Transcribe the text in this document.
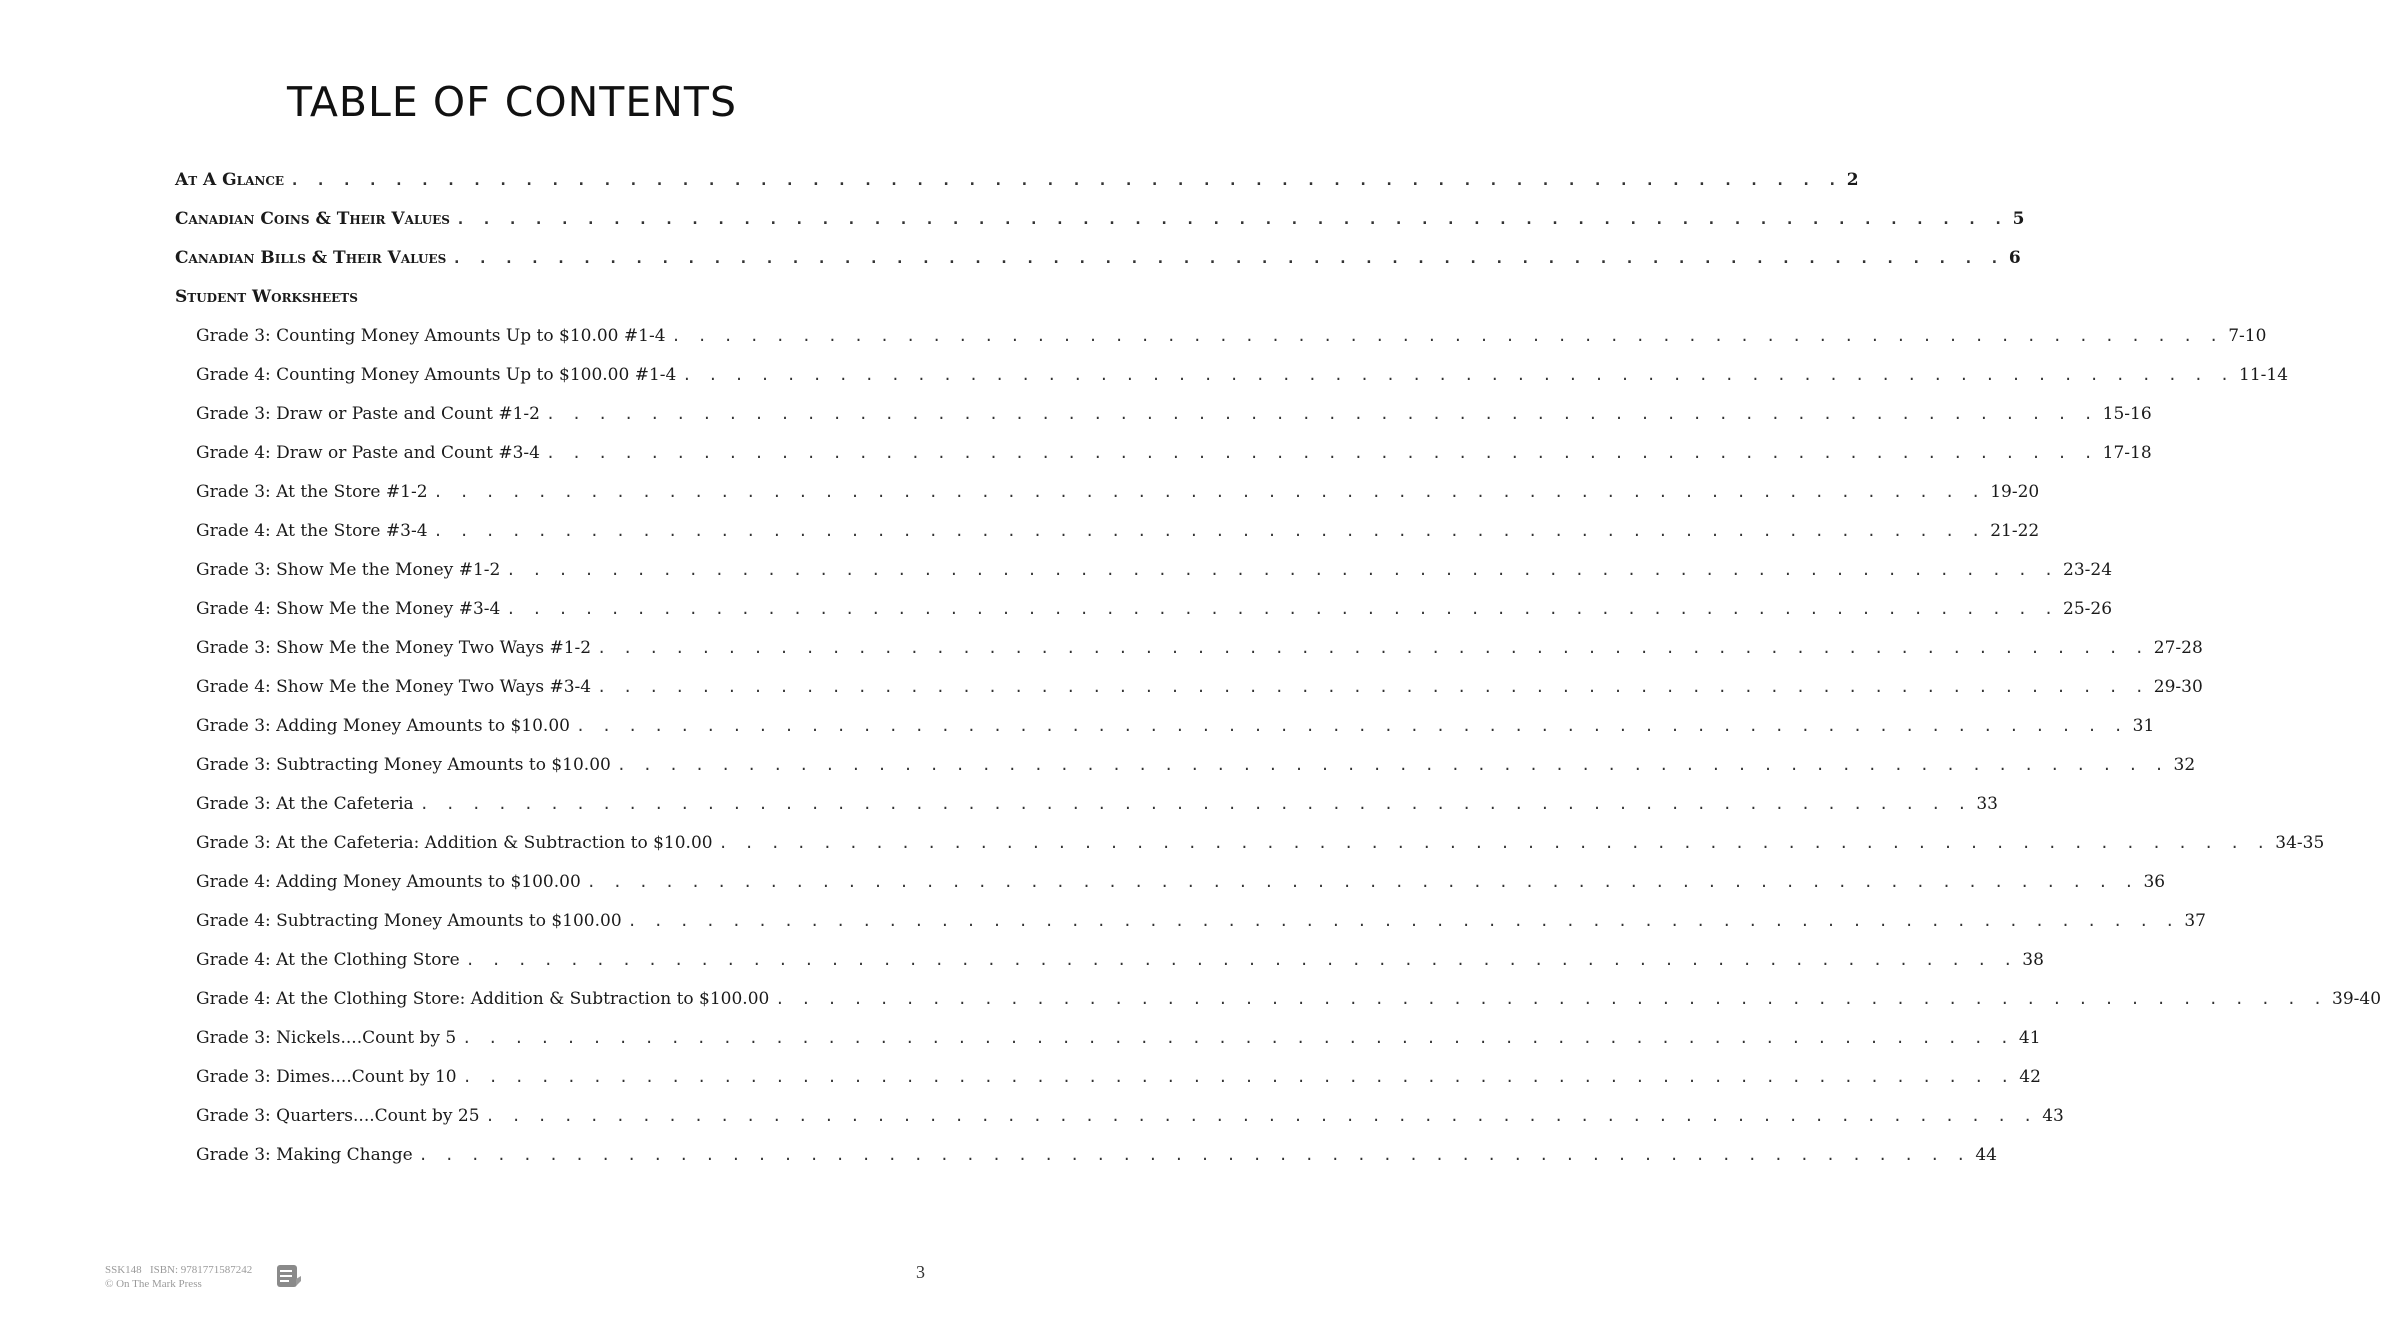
TABLE OF CONTENTS
At A Glance . . . . . . . . . . . . . . . . . . . . . . . . . . . . . . . . . . . . . . . . . . . . . . . . . . . . . . . . . . . . 2
Canadian Coins & Their Values . . . . . . . . . . . . . . . . . . . . . . . . . . . . . . . . . . . . . . . . . . . . . . . . . . . . . . . . . . . . 5
Canadian Bills & Their Values . . . . . . . . . . . . . . . . . . . . . . . . . . . . . . . . . . . . . . . . . . . . . . . . . . . . . . . . . . . . 6
Student Worksheets
Grade 3: Counting Money Amounts Up to $10.00 #1-4 . . . . . . . . . . . . . . . . . . . . . . . . . . . . . . . . . . . . . . . . . . . . . . . . . . . . . . . . . . . . 7-10
Grade 4: Counting Money Amounts Up to $100.00 #1-4 . . . . . . . . . . . . . . . . . . . . . . . . . . . . . . . . . . . . . . . . . . . . . . . . . . . . . . . . . . . . 11-14
Grade 3: Draw or Paste and Count #1-2 . . . . . . . . . . . . . . . . . . . . . . . . . . . . . . . . . . . . . . . . . . . . . . . . . . . . . . . . . . . . 15-16
Grade 4: Draw or Paste and Count #3-4 . . . . . . . . . . . . . . . . . . . . . . . . . . . . . . . . . . . . . . . . . . . . . . . . . . . . . . . . . . . . 17-18
Grade 3: At the Store #1-2 . . . . . . . . . . . . . . . . . . . . . . . . . . . . . . . . . . . . . . . . . . . . . . . . . . . . . . . . . . . . 19-20
Grade 4: At the Store #3-4 . . . . . . . . . . . . . . . . . . . . . . . . . . . . . . . . . . . . . . . . . . . . . . . . . . . . . . . . . . . . 21-22
Grade 3: Show Me the Money #1-2 . . . . . . . . . . . . . . . . . . . . . . . . . . . . . . . . . . . . . . . . . . . . . . . . . . . . . . . . . . . . 23-24
Grade 4: Show Me the Money #3-4 . . . . . . . . . . . . . . . . . . . . . . . . . . . . . . . . . . . . . . . . . . . . . . . . . . . . . . . . . . . . 25-26
Grade 3: Show Me the Money Two Ways #1-2 . . . . . . . . . . . . . . . . . . . . . . . . . . . . . . . . . . . . . . . . . . . . . . . . . . . . . . . . . . . . 27-28
Grade 4: Show Me the Money Two Ways #3-4 . . . . . . . . . . . . . . . . . . . . . . . . . . . . . . . . . . . . . . . . . . . . . . . . . . . . . . . . . . . . 29-30
Grade 3: Adding Money Amounts to $10.00 . . . . . . . . . . . . . . . . . . . . . . . . . . . . . . . . . . . . . . . . . . . . . . . . . . . . . . . . . . . . 31
Grade 3: Subtracting Money Amounts to $10.00 . . . . . . . . . . . . . . . . . . . . . . . . . . . . . . . . . . . . . . . . . . . . . . . . . . . . . . . . . . . . 32
Grade 3: At the Cafeteria . . . . . . . . . . . . . . . . . . . . . . . . . . . . . . . . . . . . . . . . . . . . . . . . . . . . . . . . . . . . 33
Grade 3: At the Cafeteria: Addition & Subtraction to $10.00 . . . . . . . . . . . . . . . . . . . . . . . . . . . . . . . . . . . . . . . . . . . . . . . . . . . . . . . . . . . . 34-35
Grade 4: Adding Money Amounts to $100.00 . . . . . . . . . . . . . . . . . . . . . . . . . . . . . . . . . . . . . . . . . . . . . . . . . . . . . . . . . . . . 36
Grade 4: Subtracting Money Amounts to $100.00 . . . . . . . . . . . . . . . . . . . . . . . . . . . . . . . . . . . . . . . . . . . . . . . . . . . . . . . . . . . . 37
Grade 4: At the Clothing Store . . . . . . . . . . . . . . . . . . . . . . . . . . . . . . . . . . . . . . . . . . . . . . . . . . . . . . . . . . . . 38
Grade 4: At the Clothing Store: Addition & Subtraction to $100.00 . . . . . . . . . . . . . . . . . . . . . . . . . . . . . . . . . . . . . . . . . . . . . . . . . . . . . . . . . . . . 39-40
Grade 3: Nickels....Count by 5 . . . . . . . . . . . . . . . . . . . . . . . . . . . . . . . . . . . . . . . . . . . . . . . . . . . . . . . . . . . . 41
Grade 3: Dimes....Count by 10 . . . . . . . . . . . . . . . . . . . . . . . . . . . . . . . . . . . . . . . . . . . . . . . . . . . . . . . . . . . . 42
Grade 3: Quarters....Count by 25 . . . . . . . . . . . . . . . . . . . . . . . . . . . . . . . . . . . . . . . . . . . . . . . . . . . . . . . . . . . . 43
Grade 3: Making Change . . . . . . . . . . . . . . . . . . . . . . . . . . . . . . . . . . . . . . . . . . . . . . . . . . . . . . . . . . . . 44
SSK148 ISBN: 9781771587242
© On The Mark Press
3
